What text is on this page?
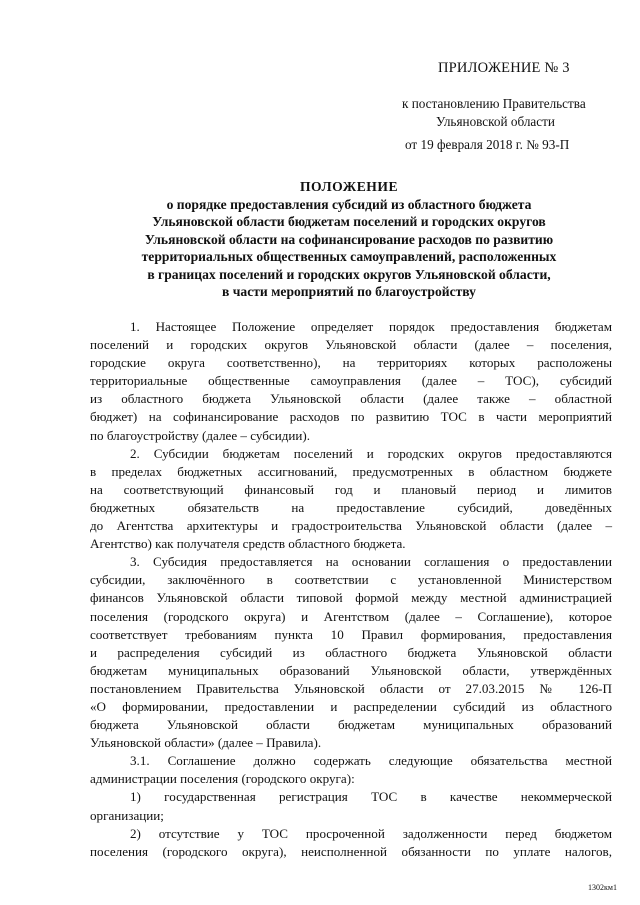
ПРИЛОЖЕНИЕ № 3
к постановлению Правительства
Ульяновской области
от 19 февраля 2018 г. № 93-П
ПОЛОЖЕНИЕ
о порядке предоставления субсидий из областного бюджета
Ульяновской области бюджетам поселений и городских округов
Ульяновской области на софинансирование расходов по развитию
территориальных общественных самоуправлений, расположенных
в границах поселений и городских округов Ульяновской области,
в части мероприятий по благоустройству
1. Настоящее Положение определяет порядок предоставления бюджетам
поселений и городских округов Ульяновской области (далее – поселения,
городские округа соответственно), на территориях которых расположены
территориальные общественные самоуправления (далее – ТОС), субсидий
из областного бюджета Ульяновской области (далее также – областной
бюджет) на софинансирование расходов по развитию ТОС в части мероприятий
по благоустройству (далее – субсидии).
2. Субсидии бюджетам поселений и городских округов предоставляются
в пределах бюджетных ассигнований, предусмотренных в областном бюджете
на соответствующий финансовый год и плановый период и лимитов
бюджетных обязательств на предоставление субсидий, доведённых
до Агентства архитектуры и градостроительства Ульяновской области (далее –
Агентство) как получателя средств областного бюджета.
3. Субсидия предоставляется на основании соглашения о предоставлении
субсидии, заключённого в соответствии с установленной Министерством
финансов Ульяновской области типовой формой между местной администрацией
поселения (городского округа) и Агентством (далее – Соглашение), которое
соответствует требованиям пункта 10 Правил формирования, предоставления
и распределения субсидий из областного бюджета Ульяновской области
бюджетам муниципальных образований Ульяновской области, утверждённых
постановлением Правительства Ульяновской области от 27.03.2015 № 126-П
«О формировании, предоставлении и распределении субсидий из областного
бюджета Ульяновской области бюджетам муниципальных образований
Ульяновской области» (далее – Правила).
3.1. Соглашение должно содержать следующие обязательства местной
администрации поселения (городского округа):
1) государственная регистрация ТОС в качестве некоммерческой
организации;
2) отсутствие у ТОС просроченной задолженности перед бюджетом
поселения (городского округа), неисполненной обязанности по уплате налогов,
1302км1
